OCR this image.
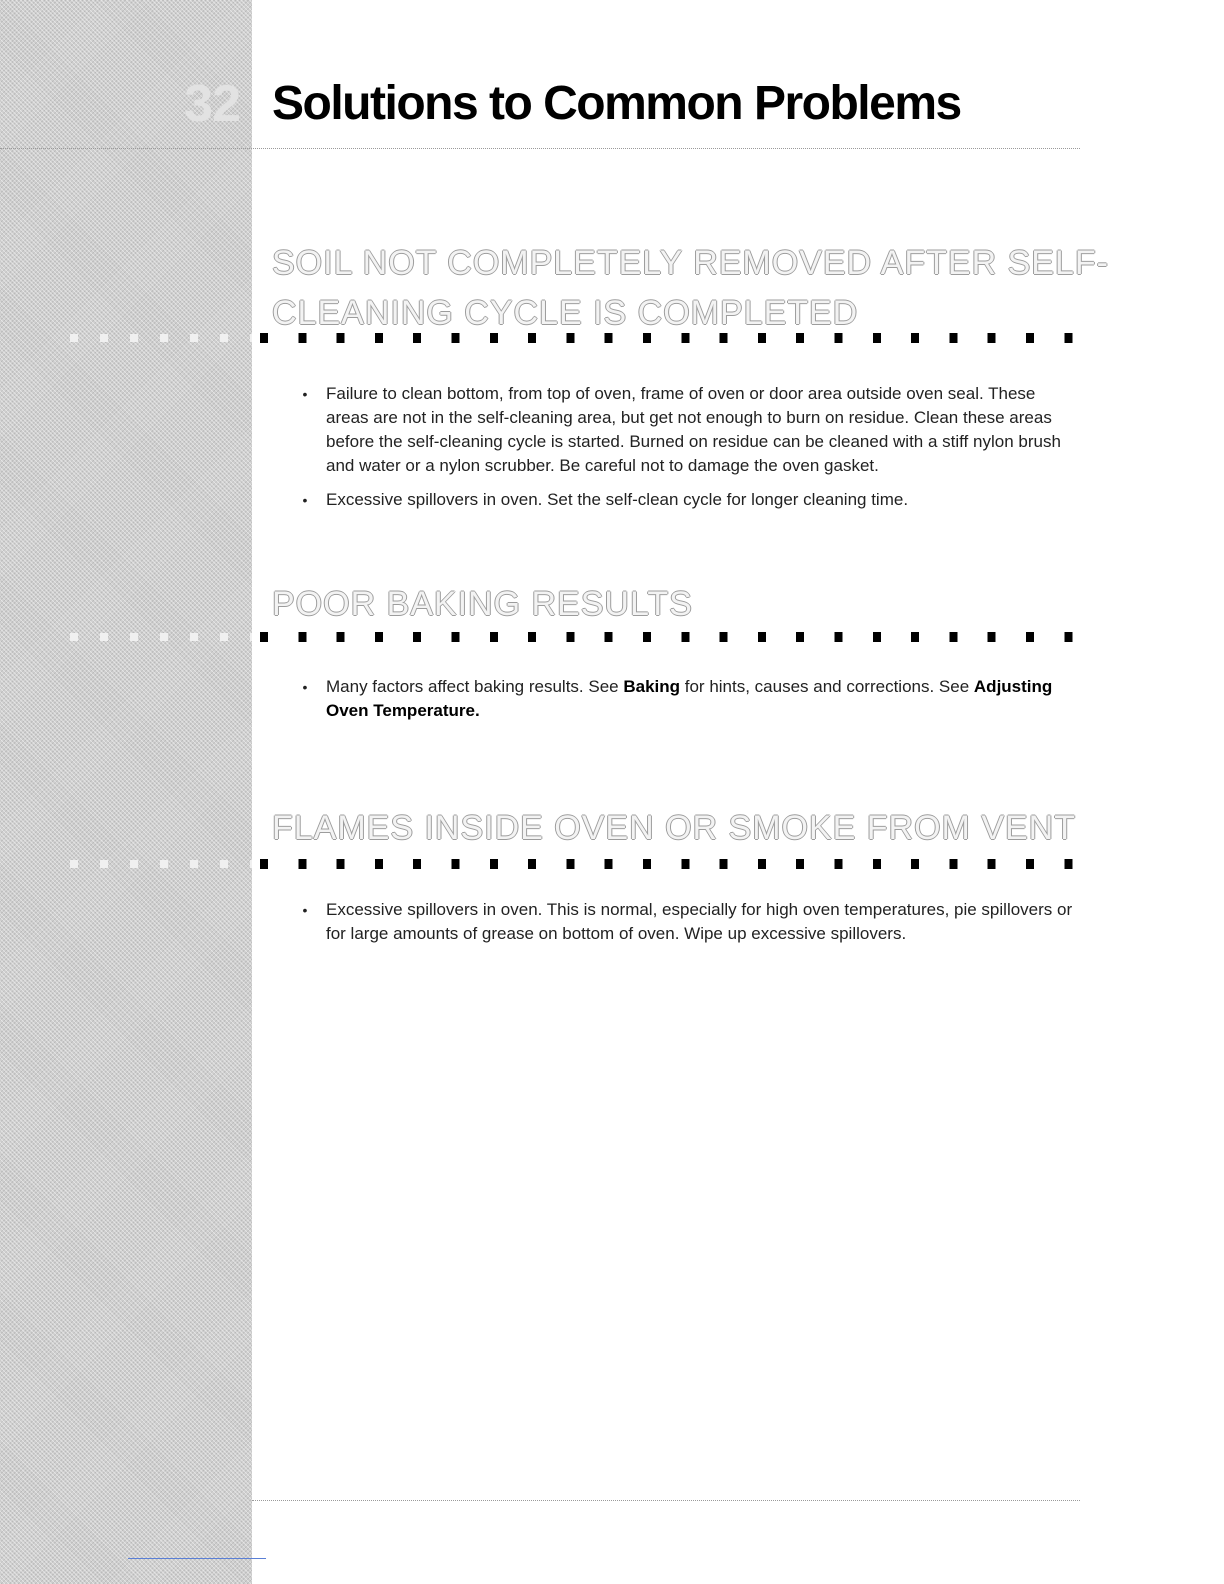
32 Solutions to Common Problems
SOIL NOT COMPLETELY REMOVED AFTER SELF-
CLEANING CYCLE IS COMPLETED
• Failure to clean bottom, from top of oven, frame of oven or door area outside oven seal. These areas are not in the self-cleaning area, but get not enough to burn on residue. Clean these areas before the self-cleaning cycle is started. Burned on residue can be cleaned with a stiff nylon brush and water or a nylon scrubber. Be careful not to damage the oven gasket.
• Excessive spillovers in oven. Set the self-clean cycle for longer cleaning time.
POOR BAKING RESULTS
• Many factors affect baking results. See Baking for hints, causes and corrections. See Adjusting Oven Temperature.
FLAMES INSIDE OVEN OR SMOKE FROM VENT
• Excessive spillovers in oven. This is normal, especially for high oven temperatures, pie spillovers or for large amounts of grease on bottom of oven. Wipe up excessive spillovers.
